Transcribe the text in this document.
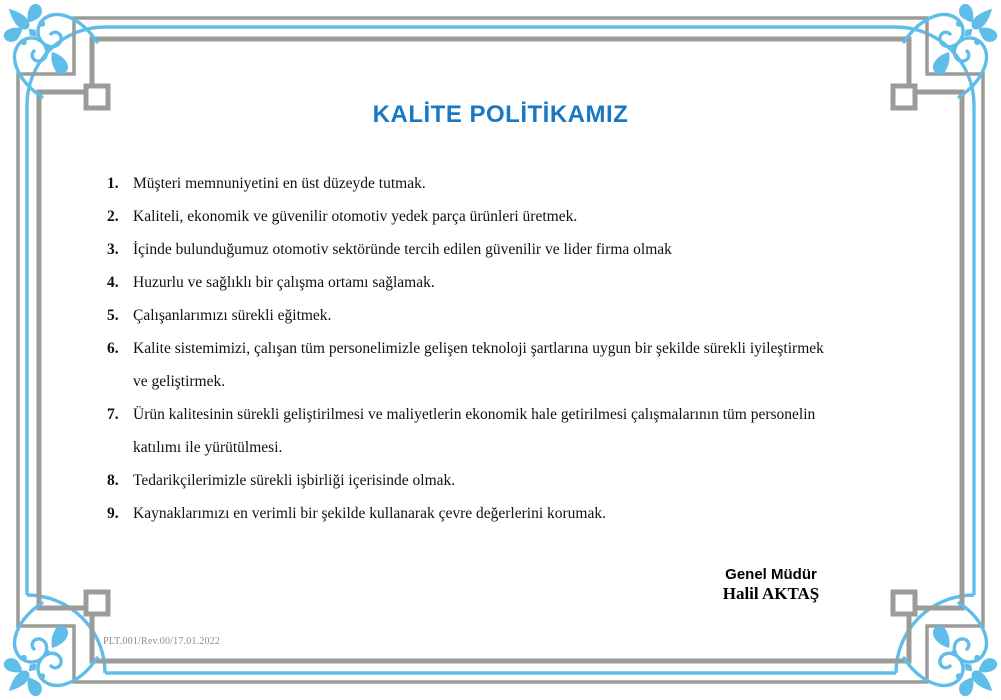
KALİTE POLİTİKAMIZ
1. Müşteri memnuniyetini en üst düzeyde tutmak.
2. Kaliteli, ekonomik ve güvenilir otomotiv yedek parça ürünleri üretmek.
3. İçinde bulunduğumuz otomotiv sektöründe tercih edilen güvenilir ve lider firma olmak
4. Huzurlu ve sağlıklı bir çalışma ortamı sağlamak.
5. Çalışanlarımızı sürekli eğitmek.
6. Kalite sistemimizi, çalışan tüm personelimizle gelişen teknoloji şartlarına uygun bir şekilde sürekli iyileştirmek
ve geliştirmek.
7. Ürün kalitesinin sürekli geliştirilmesi ve maliyetlerin ekonomik hale getirilmesi çalışmalarının tüm personelin
katılımı ile yürütülmesi.
8. Tedarikçilerimizle sürekli işbirliği içerisinde olmak.
9. Kaynaklarımızı en verimli bir şekilde kullanarak çevre değerlerini korumak.
Genel Müdür
Halil AKTAŞ
PLT.001/Rev.00/17.01.2022
